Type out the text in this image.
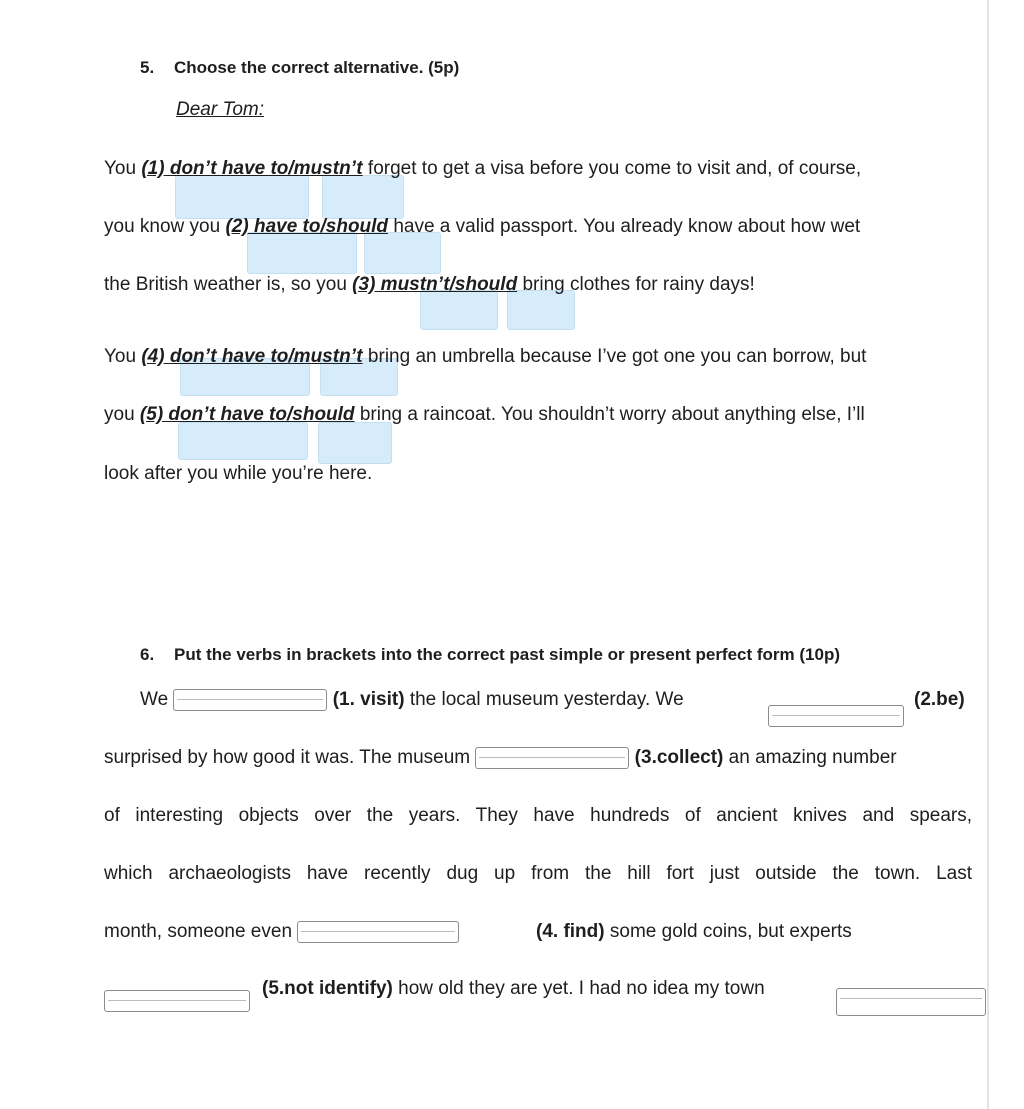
5. Choose the correct alternative. (5p)
Dear Tom:
You (1) don’t have to/mustn’t forget to get a visa before you come to visit and, of course,
you know you (2) have to/should have a valid passport. You already know about how wet
the British weather is, so you (3) mustn’t/should bring clothes for rainy days!
You (4) don’t have to/mustn’t bring an umbrella because I’ve got one you can borrow, but
you (5) don’t have to/should bring a raincoat. You shouldn’t worry about anything else, I’ll
look after you while you’re here.
6. Put the verbs in brackets into the correct past simple or present perfect form (10p)
We	(1. visit) the local museum yesterday. We	(2.be)
surprised by how good it was. The museum	(3.collect) an amazing number
of interesting objects over the years. They have hundreds of ancient knives and spears,
which archaeologists have recently dug up from the hill fort just outside the town. Last
month, someone even	(4. find) some gold coins, but experts
(5.not identify) how old they are yet. I had no idea my town
